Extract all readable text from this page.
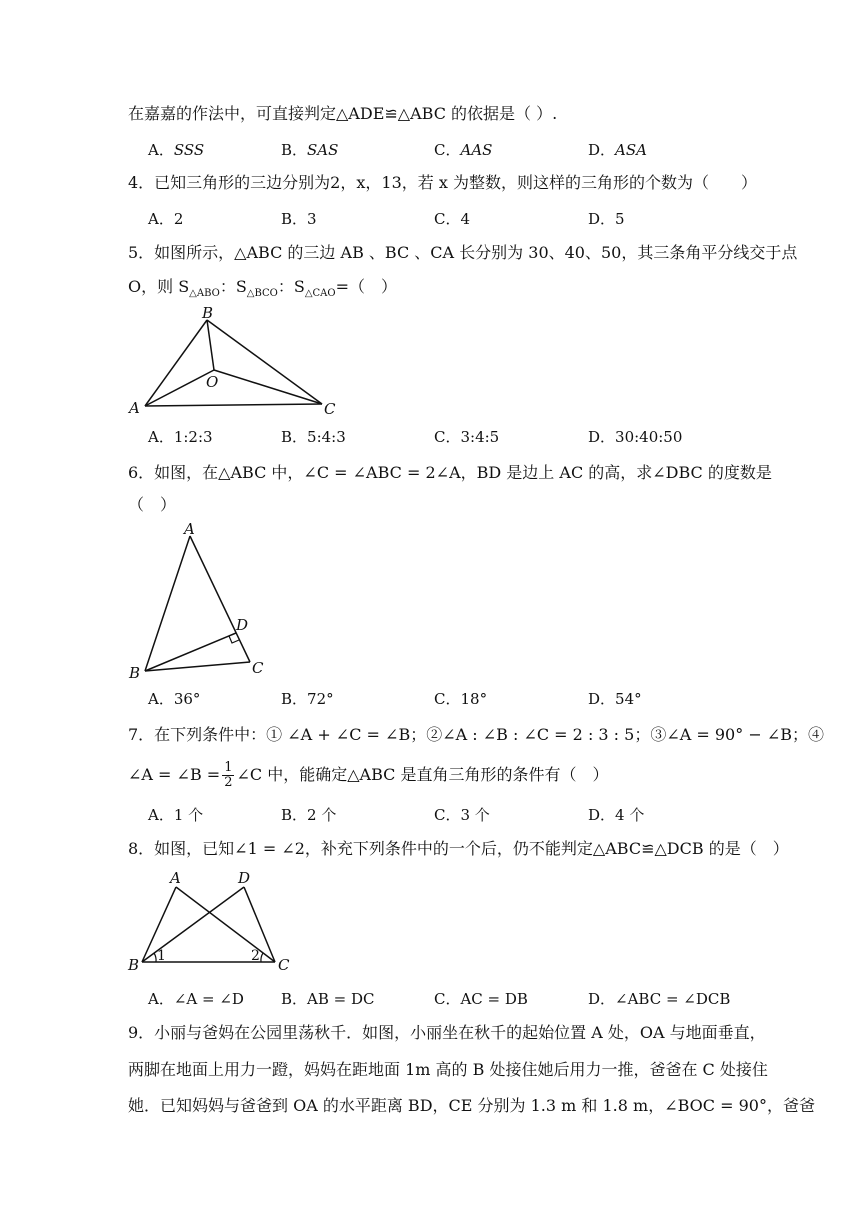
在嘉嘉的作法中，可直接判定△ADE≌△ABC 的依据是（ ）.
A．SSS	B．SAS	C．AAS	D．ASA
4．已知三角形的三边分别为2，x，13，若 x 为整数，则这样的三角形的个数为（　　）
A．2	B．3	C．4	D．5
5．如图所示，△ABC 的三边 AB 、BC 、CA 长分别为 30、40、50，其三条角平分线交于点
O，则 $S_{\triangle ABO}$：$S_{\triangle BCO}$：$S_{\triangle CAO}=$（　）
B
O
A	C
A．1:2:3	B．5:4:3	C．3:4:5	D．30:40:50
6．如图，在△ABC 中，∠C = ∠ABC = 2∠A，BD 是边上 AC 的高，求∠DBC 的度数是
（　）
A
D
B	C
A．36°	B．72°	C．18°	D．54°
7．在下列条件中：① ∠A + ∠C = ∠B；②∠A : ∠B : ∠C = 2 : 3 : 5；③∠A = 90° − ∠B；④
∠A = ∠B = $\frac{1}{2}$ ∠C 中，能确定△ABC 是直角三角形的条件有（　）
A．1 个	B．2 个	C．3 个	D．4 个
8．如图，已知∠1 = ∠2，补充下列条件中的一个后，仍不能判定△ABC≌△DCB 的是（　）
A	D
B	C
1	2
A．∠A = ∠D B．AB = DC	C．AC = DB	D．∠ABC = ∠DCB
9．小丽与爸妈在公园里荡秋千．如图，小丽坐在秋千的起始位置 A 处，OA 与地面垂直，
两脚在地面上用力一蹬，妈妈在距地面 1m 高的 B 处接住她后用力一推，爸爸在 C 处接住
她．已知妈妈与爸爸到 OA 的水平距离 BD，CE 分别为 1.3 m 和 1.8 m，∠BOC = 90°，爸爸
